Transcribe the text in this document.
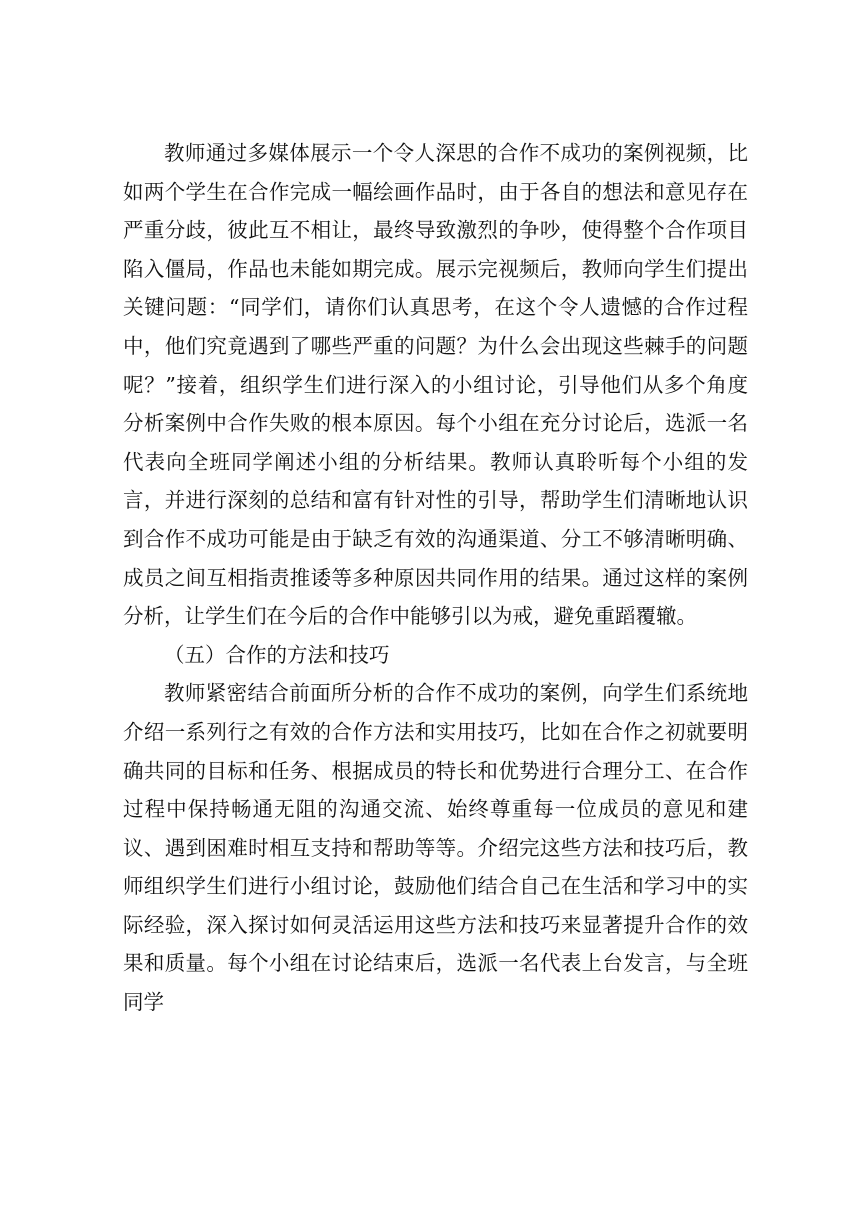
教师通过多媒体展示一个令人深思的合作不成功的案例视频，比如两个学生在合作完成一幅绘画作品时，由于各自的想法和意见存在严重分歧，彼此互不相让，最终导致激烈的争吵，使得整个合作项目陷入僵局，作品也未能如期完成。展示完视频后，教师向学生们提出关键问题：“同学们，请你们认真思考，在这个令人遗憾的合作过程中，他们究竟遇到了哪些严重的问题？为什么会出现这些棘手的问题呢？”接着，组织学生们进行深入的小组讨论，引导他们从多个角度分析案例中合作失败的根本原因。每个小组在充分讨论后，选派一名代表向全班同学阐述小组的分析结果。教师认真聆听每个小组的发言，并进行深刻的总结和富有针对性的引导，帮助学生们清晰地认识到合作不成功可能是由于缺乏有效的沟通渠道、分工不够清晰明确、成员之间互相指责推诿等多种原因共同作用的结果。通过这样的案例分析，让学生们在今后的合作中能够引以为戒，避免重蹈覆辙。

（五）合作的方法和技巧

教师紧密结合前面所分析的合作不成功的案例，向学生们系统地介绍一系列行之有效的合作方法和实用技巧，比如在合作之初就要明确共同的目标和任务、根据成员的特长和优势进行合理分工、在合作过程中保持畅通无阻的沟通交流、始终尊重每一位成员的意见和建议、遇到困难时相互支持和帮助等等。介绍完这些方法和技巧后，教师组织学生们进行小组讨论，鼓励他们结合自己在生活和学习中的实际经验，深入探讨如何灵活运用这些方法和技巧来显著提升合作的效果和质量。每个小组在讨论结束后，选派一名代表上台发言，与全班同学
